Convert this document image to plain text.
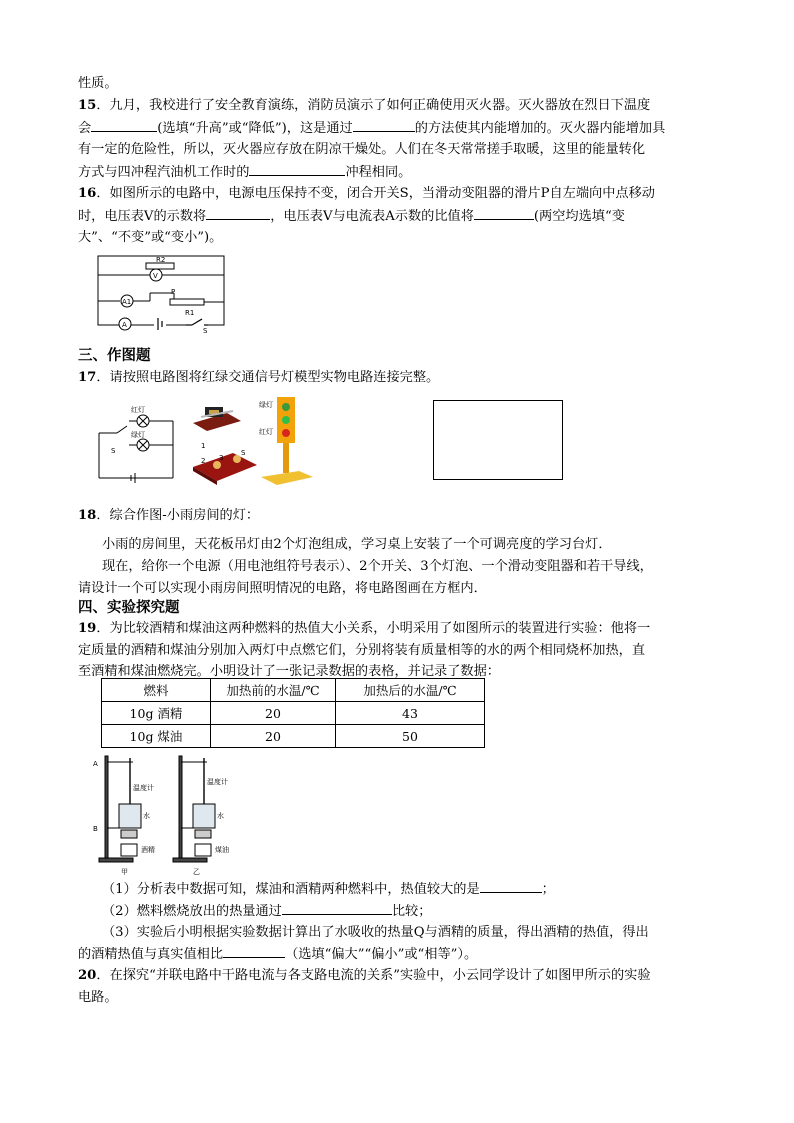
性质。
15．九月，我校进行了安全教育演练，消防员演示了如何正确使用灭火器。灭火器放在烈日下温度
会	(选填“升高”或“降低”)，这是通过	的方法使其内能增加的。灭火器内能增加具
有一定的危险性，所以，灭火器应存放在阴凉干燥处。人们在冬天常常搓手取暖，这里的能量转化
方式与四冲程汽油机工作时的	冲程相同。
16．如图所示的电路中，电源电压保持不变，闭合开关S，当滑动变阻器的滑片P自左端向中点移动
时，电压表V的示数将	，电压表V与电流表A示数的比值将	(两空均选填“变
大”、“不变”或“变小”)。
R2
V
A1
P
R1
A
S
三、作图题
17．请按照电路图将红绿交通信号灯模型实物电路连接完整。
红灯
绿灯
S
1
2 3
S
绿灯
红灯
18．综合作图-小雨房间的灯：
小雨的房间里，天花板吊灯由2个灯泡组成，学习桌上安装了一个可调亮度的学习台灯．
现在，给你一个电源（用电池组符号表示）、2个开关、3个灯泡、一个滑动变阻器和若干导线，
请设计一个可以实现小雨房间照明情况的电路，将电路图画在方框内．
四、实验探究题
19．为比较酒精和煤油这两种燃料的热值大小关系，小明采用了如图所示的装置进行实验：他将一
定质量的酒精和煤油分别加入两灯中点燃它们，分别将装有质量相等的水的两个相同烧杯加热，直
至酒精和煤油燃烧完。小明设计了一张记录数据的表格，并记录了数据：
燃料	加热前的水温/℃	加热后的水温/℃
10g 酒精	20	43
10g 煤油	20	50
A
B
温度计
水
酒精
温度计
水
煤油
甲	乙
（1）分析表中数据可知，煤油和酒精两种燃料中，热值较大的是	；
（2）燃料燃烧放出的热量通过	比较；
（3）实验后小明根据实验数据计算出了水吸收的热量Q与酒精的质量，得出酒精的热值，得出
的酒精热值与真实值相比	（选填“偏大”“偏小”或“相等”）。
20．在探究“并联电路中干路电流与各支路电流的关系”实验中，小云同学设计了如图甲所示的实验
电路。
